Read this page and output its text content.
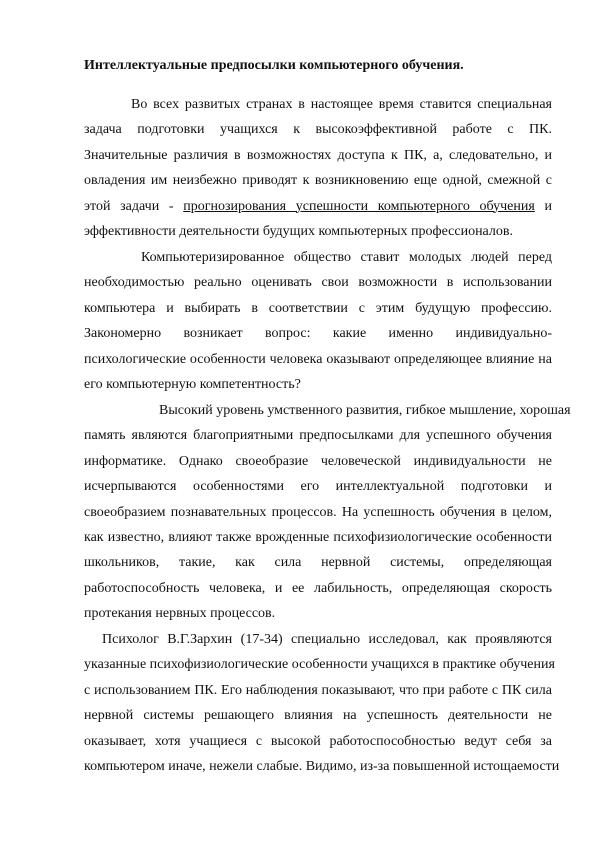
Интеллектуальные предпосылки компьютерного обучения.
Во всех развитых странах в настоящее время ставится специальная
задача подготовки учащихся к высокоэффективной работе с ПК.
Значительные различия в возможностях доступа к ПК, а, следовательно, и
овладения им неизбежно приводят к возникновению еще одной, смежной с
этой задачи - прогнозирования успешности компьютерного обучения и
эффективности деятельности будущих компьютерных профессионалов.
Компьютеризированное общество ставит молодых людей перед
необходимостью реально оценивать свои возможности в использовании
компьютера и выбирать в соответствии с этим будущую профессию.
Закономерно возникает вопрос: какие именно индивидуально-
психологические особенности человека оказывают определяющее влияние на
его компьютерную компетентность?
Высокий уровень умственного развития, гибкое мышление, хорошая
память являются благоприятными предпосылками для успешного обучения
информатике. Однако своеобразие человеческой индивидуальности не
исчерпываются особенностями его интеллектуальной подготовки и
своеобразием познавательных процессов. На успешность обучения в целом,
как известно, влияют также врожденные психофизиологические особенности
школьников, такие, как сила нервной системы, определяющая
работоспособность человека, и ее лабильность, определяющая скорость
протекания нервных процессов.
Психолог В.Г.Зархин (17-34) специально исследовал, как проявляются
указанные психофизиологические особенности учащихся в практике обучения
с использованием ПК. Его наблюдения показывают, что при работе с ПК сила
нервной системы решающего влияния на успешность деятельности не
оказывает, хотя учащиеся с высокой работоспособностью ведут себя за
компьютером иначе, нежели слабые. Видимо, из-за повышенной истощаемости
